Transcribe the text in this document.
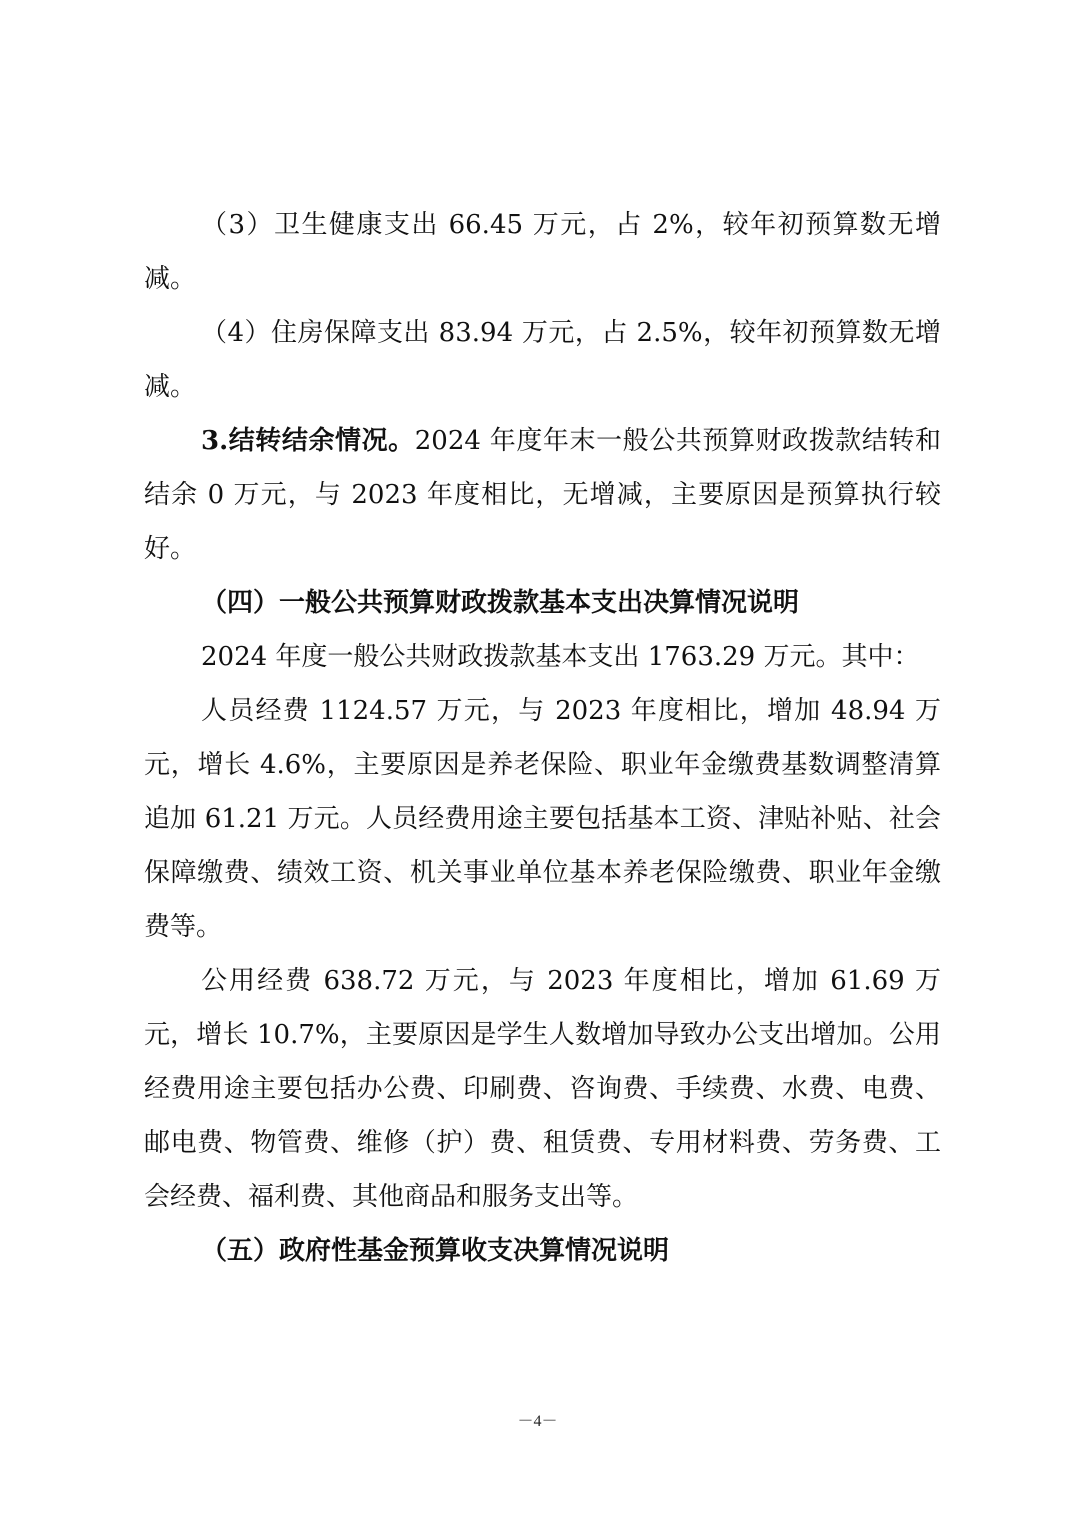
（3）卫生健康支出 66.45 万元，占 2%，较年初预算数无增减。

（4）住房保障支出 83.94 万元，占 2.5%，较年初预算数无增减。

3.结转结余情况。2024 年度年末一般公共预算财政拨款结转和结余 0 万元，与 2023 年度相比，无增减，主要原因是预算执行较好。

（四）一般公共预算财政拨款基本支出决算情况说明

2024 年度一般公共财政拨款基本支出 1763.29 万元。其中：

人员经费 1124.57 万元，与 2023 年度相比，增加 48.94 万元，增长 4.6%，主要原因是养老保险、职业年金缴费基数调整清算追加 61.21 万元。人员经费用途主要包括基本工资、津贴补贴、社会保障缴费、绩效工资、机关事业单位基本养老保险缴费、职业年金缴费等。

公用经费 638.72 万元，与 2023 年度相比，增加 61.69 万元，增长 10.7%，主要原因是学生人数增加导致办公支出增加。公用经费用途主要包括办公费、印刷费、咨询费、手续费、水费、电费、邮电费、物管费、维修（护）费、租赁费、专用材料费、劳务费、工会经费、福利费、其他商品和服务支出等。

（五）政府性基金预算收支决算情况说明

－4－
